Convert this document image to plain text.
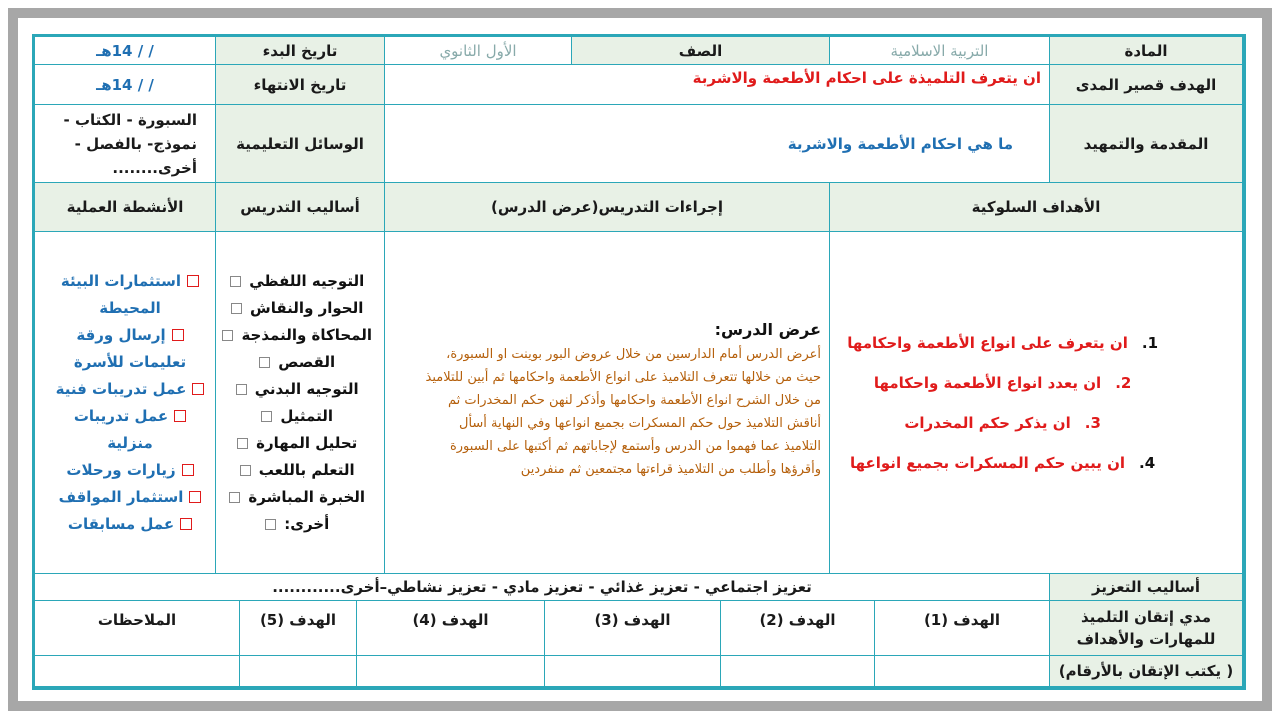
المادة
التربية الاسلامية
الصف
الأول الثانوي
تاريخ البدء
/ / 14هـ
الهدف قصير المدى
ان يتعرف التلميذة على احكام الأطعمة والاشربة
تاريخ الانتهاء
/ / 14هـ
المقدمة والتمهيد
ما هي احكام الأطعمة والاشربة
الوسائل التعليمية
السبورة - الكتاب - نموذج- بالفصل - أخرى........
الأهداف السلوكية
إجراءات التدريس(عرض الدرس)
أساليب التدريس
الأنشطة العملية
1.ان يتعرف على انواع الأطعمة واحكامها
2.ان يعدد انواع الأطعمة واحكامها
3.ان يذكر حكم المخدرات
4.ان يبين حكم المسكرات بجميع انواعها
عرض الدرس:
أعرض الدرس أمام الدارسين من خلال عروض البور بوينت او السبورة، حيث من خلالها تتعرف التلاميذ على انواع الأطعمة واحكامها ثم أبين للتلاميذ من خلال الشرح انواع الأطعمة واحكامها وأذكر لنهن حكم المخدرات ثم أناقش التلاميذ حول حكم المسكرات بجميع انواعها وفي النهاية أسأل التلاميذ عما فهموا من الدرس وأستمع لإجاباتهم ثم أكتبها على السبورة وأقرؤها وأطلب من التلاميذ قراءتها مجتمعين ثم منفردين
التوجيه اللفظي
الحوار والنقاش
المحاكاة والنمذجة
القصص
التوجيه البدني
التمثيل
تحليل المهارة
التعلم باللعب
الخبرة المباشرة
أخرى:
استثمارات البيئة المحيطة
إرسال ورقة تعليمات للأسرة
عمل تدريبات فنية
عمل تدريبات منزلية
زيارات ورحلات
استثمار المواقف
عمل مسابقات
أساليب التعزيز
تعزيز اجتماعي - تعزيز غذائي - تعزيز مادي - تعزيز نشاطي–أخرى............
مدي إتقان التلميذ للمهارات والأهداف
الهدف (1)
الهدف (2)
الهدف (3)
الهدف (4)
الهدف (5)
الملاحظات
( يكتب الإتقان بالأرقام)
